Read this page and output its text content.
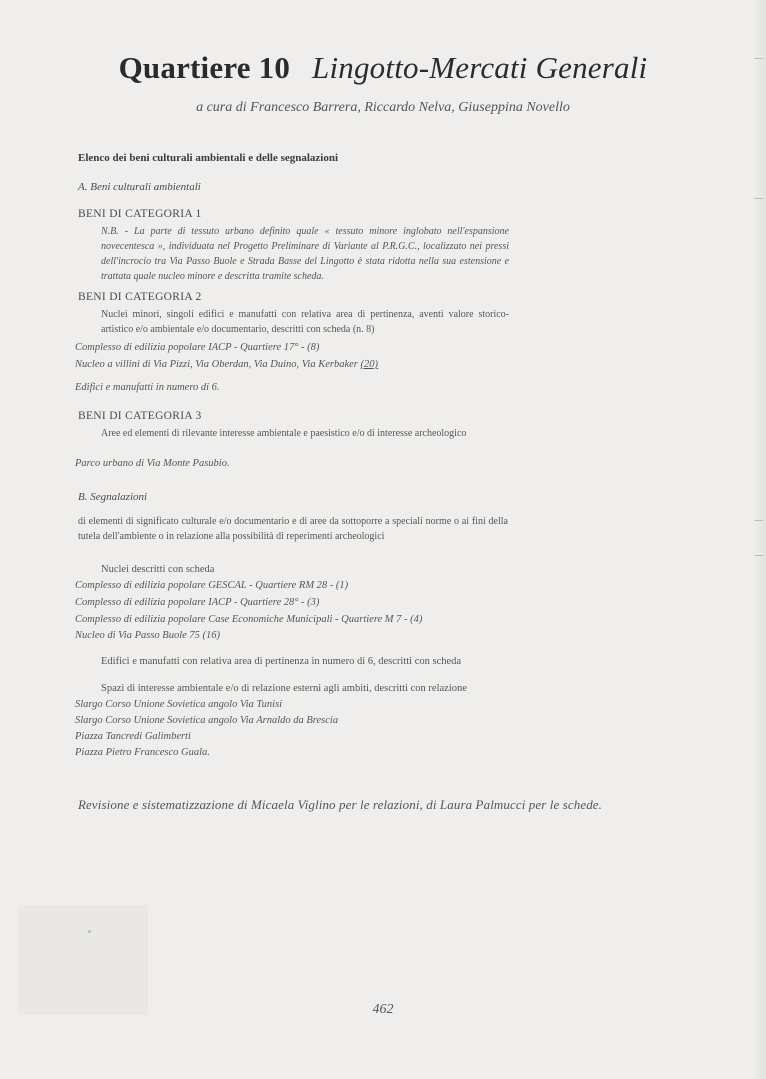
Quartiere 10 Lingotto-Mercati Generali
a cura di Francesco Barrera, Riccardo Nelva, Giuseppina Novello
Elenco dei beni culturali ambientali e delle segnalazioni
A. Beni culturali ambientali
BENI DI CATEGORIA 1
N.B. - La parte di tessuto urbano definito quale « tessuto minore inglobato nell'espansione novecentesca », individuata nel Progetto Preliminare di Variante al P.R.G.C., localizzato nei pressi dell'incrocio tra Via Passo Buole e Strada Basse del Lingotto è stata ridotta nella sua estensione e trattata quale nucleo minore e descritta tramite scheda.
BENI DI CATEGORIA 2
Nuclei minori, singoli edifici e manufatti con relativa area di pertinenza, aventi valore storico-artistico e/o ambientale e/o documentario, descritti con scheda (n. 8)
Complesso di edilizia popolare IACP - Quartiere 17° - (8)
Nucleo a villini di Via Pizzi, Via Oberdan, Via Duino, Via Kerbaker (20)
Edifici e manufatti in numero di 6.
BENI DI CATEGORIA 3
Aree ed elementi di rilevante interesse ambientale e paesistico e/o di interesse archeologico
Parco urbano di Via Monte Pasubio.
B. Segnalazioni
di elementi di significato culturale e/o documentario e di aree da sottoporre a speciali norme o ai fini della tutela dell'ambiente o in relazione alla possibilità di reperimenti archeologici
Nuclei descritti con scheda
Complesso di edilizia popolare GESCAL - Quartiere RM 28 - (1)
Complesso di edilizia popolare IACP - Quartiere 28° - (3)
Complesso di edilizia popolare Case Economiche Municipali - Quartiere M 7 - (4)
Nucleo di Via Passo Buole 75 (16)
Edifici e manufatti con relativa area di pertinenza in numero di 6, descritti con scheda
Spazi di interesse ambientale e/o di relazione esterni agli ambiti, descritti con relazione
Slargo Corso Unione Sovietica angolo Via Tunisi
Slargo Corso Unione Sovietica angolo Via Arnaldo da Brescia
Piazza Tancredi Galimberti
Piazza Pietro Francesco Guala.
Revisione e sistematizzazione di Micaela Viglino per le relazioni, di Laura Palmucci per le schede.
462
